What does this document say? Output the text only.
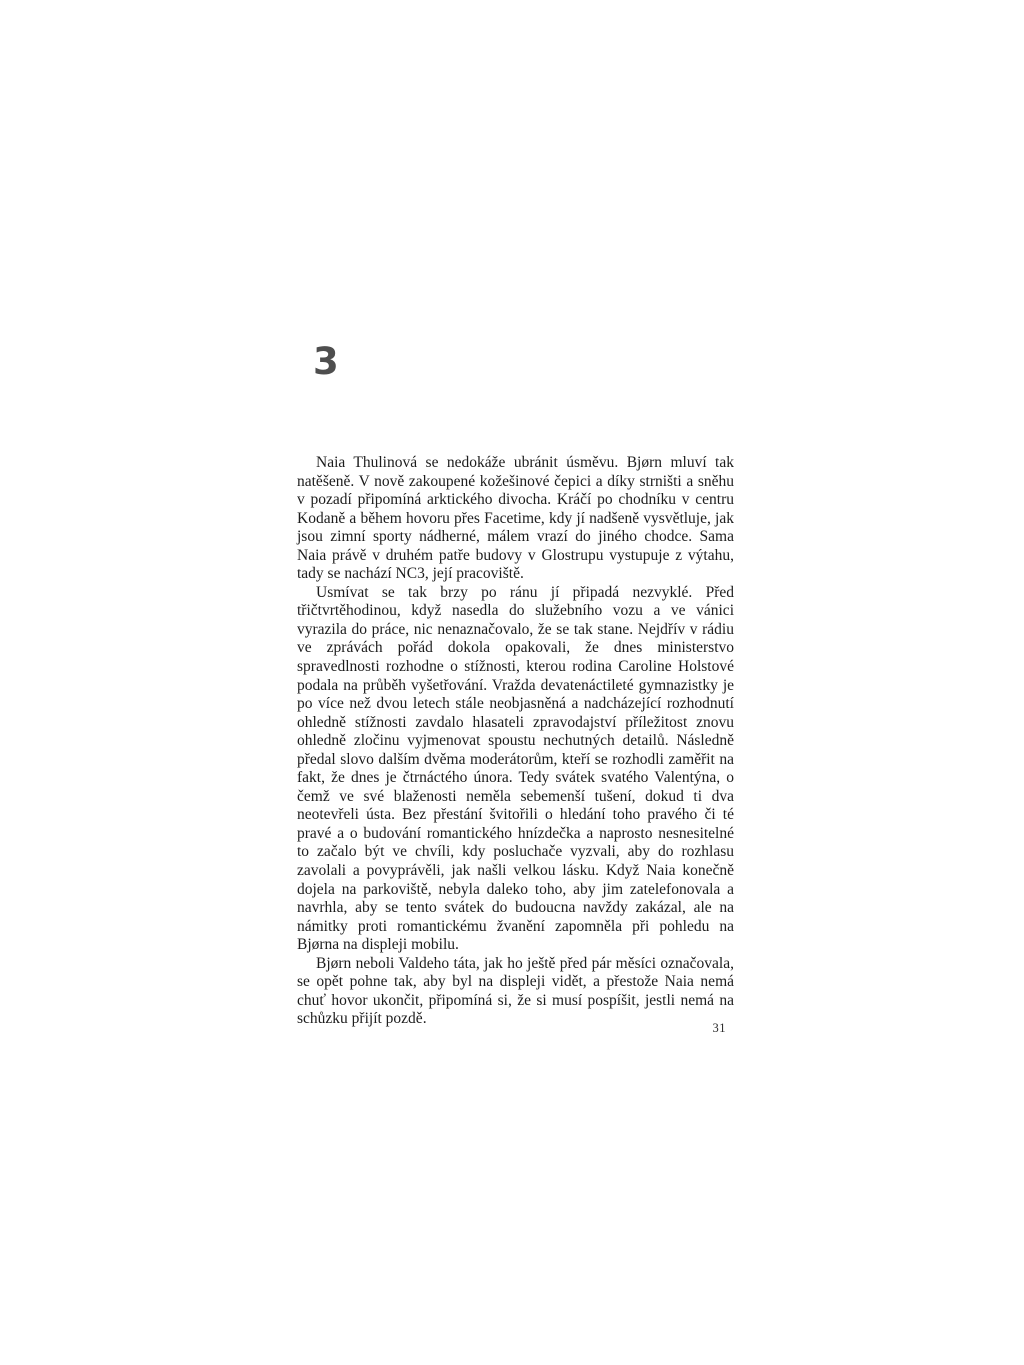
3

Naia Thulinová se nedokáže ubránit úsměvu. Bjørn mluví tak natěšeně. V nově zakoupené kožešinové čepici a díky strništi a sněhu v pozadí připomíná arktického divocha. Kráčí po chodníku v centru Kodaně a během hovoru přes Facetime, kdy jí nadšeně vysvětluje, jak jsou zimní sporty nádherné, málem vrazí do jiného chodce. Sama Naia právě v druhém patře budovy v Glostrupu vystupuje z výtahu, tady se nachází NC3, její pracoviště.

Usmívat se tak brzy po ránu jí připadá nezvyklé. Před třičtvrtěhodinou, když nasedla do služebního vozu a ve vánici vyrazila do práce, nic nenaznačovalo, že se tak stane. Nejdřív v rádiu ve zprávách pořád dokola opakovali, že dnes ministerstvo spravedlnosti rozhodne o stížnosti, kterou rodina Caroline Holstové podala na průběh vyšetřování. Vražda devatenáctileté gymnazistky je po více než dvou letech stále neobjasněná a nadcházející rozhodnutí ohledně stížnosti zavdalo hlasateli zpravodajství příležitost znovu ohledně zločinu vyjmenovat spoustu nechutných detailů. Následně předal slovo dalším dvěma moderátorům, kteří se rozhodli zaměřit na fakt, že dnes je čtrnáctého února. Tedy svátek svatého Valentýna, o čemž ve své blaženosti neměla sebemenší tušení, dokud ti dva neotevřeli ústa. Bez přestání švitořili o hledání toho pravého či té pravé a o budování romantického hnízdečka a naprosto nesnesitelné to začalo být ve chvíli, kdy posluchače vyzvali, aby do rozhlasu zavolali a povyprávěli, jak našli velkou lásku. Když Naia konečně dojela na parkoviště, nebyla daleko toho, aby jim zatelefonovala a navrhla, aby se tento svátek do budoucna navždy zakázal, ale na námitky proti romantickému žvanění zapomněla při pohledu na Bjørna na displeji mobilu.

Bjørn neboli Valdeho táta, jak ho ještě před pár měsíci označovala, se opět pohne tak, aby byl na displeji vidět, a přestože Naia nemá chuť hovor ukončit, připomíná si, že si musí pospíšit, jestli nemá na schůzku přijít pozdě.

31
